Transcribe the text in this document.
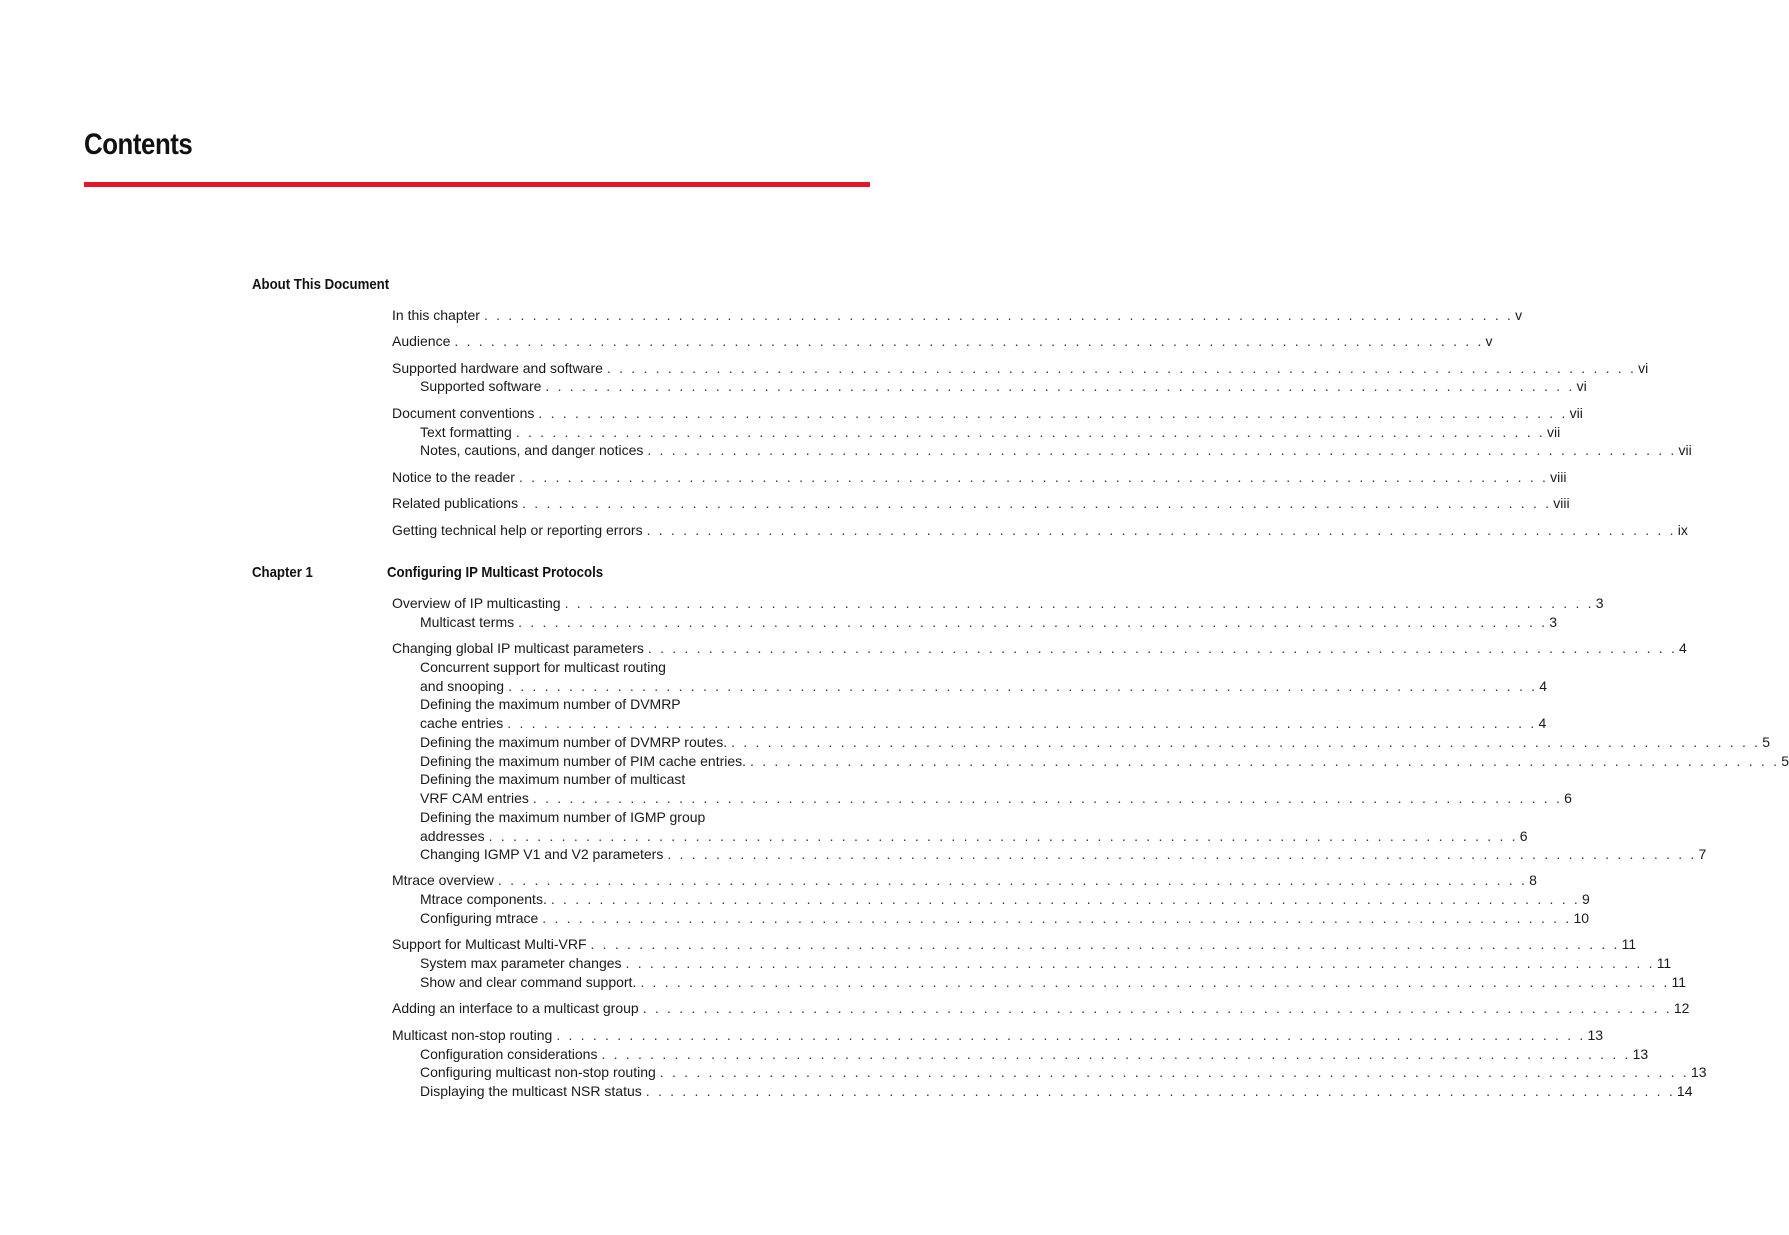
Contents
About This Document
In this chapter . . . . . . . . . . . . . . . . . . . . . . . . . . . . . . . . . . . . . . . . . . . . . . . . . . . . . . . . . . . . . . . . . . . . . . . . . . . . . . . . . . . . . v
Audience . . . . . . . . . . . . . . . . . . . . . . . . . . . . . . . . . . . . . . . . . . . . . . . . . . . . . . . . . . . . . . . . . . . . . . . . . . . . . . . . . . . . . v
Supported hardware and software . . . . . . . . . . . . . . . . . . . . . . . . . . . . . . . . . . . . . . . . . . . . . . . . . . . . . . . . . . . . . . . . . . . . . . . . . . . . . . . . . . . . . vi
Supported software . . . . . . . . . . . . . . . . . . . . . . . . . . . . . . . . . . . . . . . . . . . . . . . . . . . . . . . . . . . . . . . . . . . . . . . . . . . . . . . . . . . . . vi
Document conventions . . . . . . . . . . . . . . . . . . . . . . . . . . . . . . . . . . . . . . . . . . . . . . . . . . . . . . . . . . . . . . . . . . . . . . . . . . . . . . . . . . . . . vii
Text formatting . . . . . . . . . . . . . . . . . . . . . . . . . . . . . . . . . . . . . . . . . . . . . . . . . . . . . . . . . . . . . . . . . . . . . . . . . . . . . . . . . . . . . vii
Notes, cautions, and danger notices . . . . . . . . . . . . . . . . . . . . . . . . . . . . . . . . . . . . . . . . . . . . . . . . . . . . . . . . . . . . . . . . . . . . . . . . . . . . . . . . . . . . . vii
Notice to the reader . . . . . . . . . . . . . . . . . . . . . . . . . . . . . . . . . . . . . . . . . . . . . . . . . . . . . . . . . . . . . . . . . . . . . . . . . . . . . . . . . . . . . viii
Related publications . . . . . . . . . . . . . . . . . . . . . . . . . . . . . . . . . . . . . . . . . . . . . . . . . . . . . . . . . . . . . . . . . . . . . . . . . . . . . . . . . . . . . viii
Getting technical help or reporting errors . . . . . . . . . . . . . . . . . . . . . . . . . . . . . . . . . . . . . . . . . . . . . . . . . . . . . . . . . . . . . . . . . . . . . . . . . . . . . . . . . . . . . ix
Chapter 1	Configuring IP Multicast Protocols
Overview of IP multicasting . . . . . . . . . . . . . . . . . . . . . . . . . . . . . . . . . . . . . . . . . . . . . . . . . . . . . . . . . . . . . . . . . . . . . . . . . . . . . . . . . . . . . 3
Multicast terms . . . . . . . . . . . . . . . . . . . . . . . . . . . . . . . . . . . . . . . . . . . . . . . . . . . . . . . . . . . . . . . . . . . . . . . . . . . . . . . . . . . . . 3
Changing global IP multicast parameters . . . . . . . . . . . . . . . . . . . . . . . . . . . . . . . . . . . . . . . . . . . . . . . . . . . . . . . . . . . . . . . . . . . . . . . . . . . . . . . . . . . . . 4
Concurrent support for multicast routing
and snooping . . . . . . . . . . . . . . . . . . . . . . . . . . . . . . . . . . . . . . . . . . . . . . . . . . . . . . . . . . . . . . . . . . . . . . . . . . . . . . . . . . . . . 4
Defining the maximum number of DVMRP
cache entries . . . . . . . . . . . . . . . . . . . . . . . . . . . . . . . . . . . . . . . . . . . . . . . . . . . . . . . . . . . . . . . . . . . . . . . . . . . . . . . . . . . . . 4
Defining the maximum number of DVMRP routes. . . . . . . . . . . . . . . . . . . . . . . . . . . . . . . . . . . . . . . . . . . . . . . . . . . . . . . . . . . . . . . . . . . . . . . . . . . . . . . . . . . . . . 5
Defining the maximum number of PIM cache entries. . . . . . . . . . . . . . . . . . . . . . . . . . . . . . . . . . . . . . . . . . . . . . . . . . . . . . . . . . . . . . . . . . . . . . . . . . . . . . . . . . . . . . 5
Defining the maximum number of multicast
VRF CAM entries . . . . . . . . . . . . . . . . . . . . . . . . . . . . . . . . . . . . . . . . . . . . . . . . . . . . . . . . . . . . . . . . . . . . . . . . . . . . . . . . . . . . . 6
Defining the maximum number of IGMP group
addresses . . . . . . . . . . . . . . . . . . . . . . . . . . . . . . . . . . . . . . . . . . . . . . . . . . . . . . . . . . . . . . . . . . . . . . . . . . . . . . . . . . . . . 6
Changing IGMP V1 and V2 parameters . . . . . . . . . . . . . . . . . . . . . . . . . . . . . . . . . . . . . . . . . . . . . . . . . . . . . . . . . . . . . . . . . . . . . . . . . . . . . . . . . . . . . 7
Mtrace overview . . . . . . . . . . . . . . . . . . . . . . . . . . . . . . . . . . . . . . . . . . . . . . . . . . . . . . . . . . . . . . . . . . . . . . . . . . . . . . . . . . . . . 8
Mtrace components. . . . . . . . . . . . . . . . . . . . . . . . . . . . . . . . . . . . . . . . . . . . . . . . . . . . . . . . . . . . . . . . . . . . . . . . . . . . . . . . . . . . . . 9
Configuring mtrace . . . . . . . . . . . . . . . . . . . . . . . . . . . . . . . . . . . . . . . . . . . . . . . . . . . . . . . . . . . . . . . . . . . . . . . . . . . . . . . . . . . . . 10
Support for Multicast Multi-VRF . . . . . . . . . . . . . . . . . . . . . . . . . . . . . . . . . . . . . . . . . . . . . . . . . . . . . . . . . . . . . . . . . . . . . . . . . . . . . . . . . . . . . 11
System max parameter changes . . . . . . . . . . . . . . . . . . . . . . . . . . . . . . . . . . . . . . . . . . . . . . . . . . . . . . . . . . . . . . . . . . . . . . . . . . . . . . . . . . . . . 11
Show and clear command support. . . . . . . . . . . . . . . . . . . . . . . . . . . . . . . . . . . . . . . . . . . . . . . . . . . . . . . . . . . . . . . . . . . . . . . . . . . . . . . . . . . . . . 11
Adding an interface to a multicast group . . . . . . . . . . . . . . . . . . . . . . . . . . . . . . . . . . . . . . . . . . . . . . . . . . . . . . . . . . . . . . . . . . . . . . . . . . . . . . . . . . . . . 12
Multicast non-stop routing . . . . . . . . . . . . . . . . . . . . . . . . . . . . . . . . . . . . . . . . . . . . . . . . . . . . . . . . . . . . . . . . . . . . . . . . . . . . . . . . . . . . . 13
Configuration considerations . . . . . . . . . . . . . . . . . . . . . . . . . . . . . . . . . . . . . . . . . . . . . . . . . . . . . . . . . . . . . . . . . . . . . . . . . . . . . . . . . . . . . 13
Configuring multicast non-stop routing . . . . . . . . . . . . . . . . . . . . . . . . . . . . . . . . . . . . . . . . . . . . . . . . . . . . . . . . . . . . . . . . . . . . . . . . . . . . . . . . . . . . . 13
Displaying the multicast NSR status . . . . . . . . . . . . . . . . . . . . . . . . . . . . . . . . . . . . . . . . . . . . . . . . . . . . . . . . . . . . . . . . . . . . . . . . . . . . . . . . . . . . . 14
